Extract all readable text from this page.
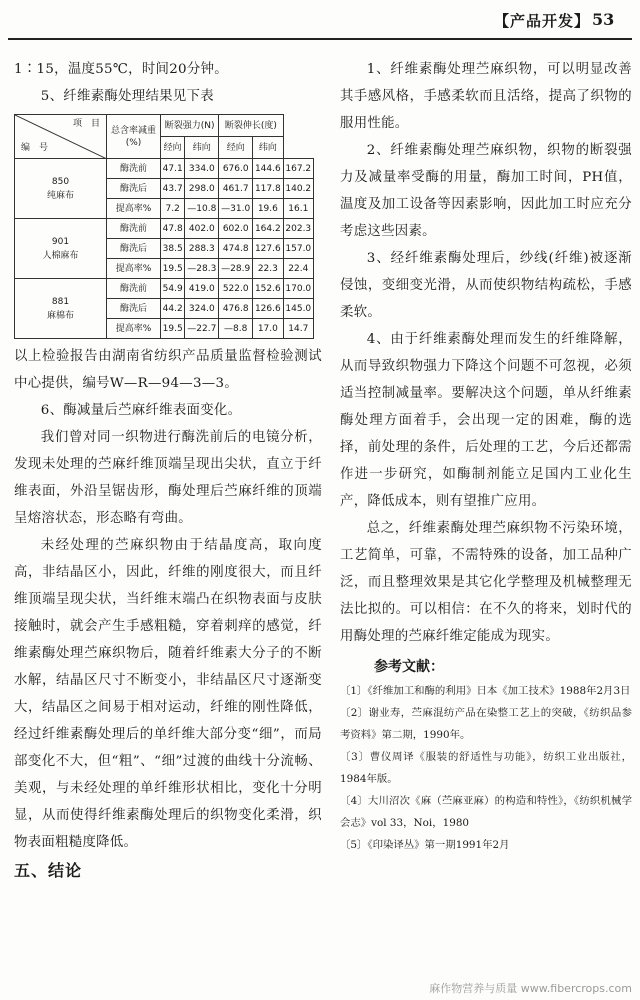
【产品开发】 53

1∶15，温度55℃，时间20分钟。

5、纤维素酶处理结果见下表

项　目
编　号	总含率减重
(%)	断裂强力(N)		断裂伸长(度)		
		经向	纬向	经向	纬向	
850
纯麻布	酶洗前	47.1	334.0	676.0	144.6	167.2
	酶洗后	43.7	298.0	461.7	117.8	140.2
	提高率%	7.2	—10.8	—31.0	19.6	16.1
901
人棉麻布	酶洗前	47.8	402.0	602.0	164.2	202.3
	酶洗后	38.5	288.3	474.8	127.6	157.0
	提高率%	19.5	—28.3	—28.9	22.3	22.4
881
麻棉布	酶洗前	54.9	419.0	522.0	152.6	170.0
	酶洗后	44.2	324.0	476.8	126.6	145.0
	提高率%	19.5	—22.7	—8.8	17.0	14.7

以上检验报告由湖南省纺织产品质量监督检验测试中心提供，编号W—R—94—3—3。

6、酶减量后苎麻纤维表面变化。

我们曾对同一织物进行酶洗前后的电镜分析，发现未处理的苎麻纤维顶端呈现出尖状，直立于纤维表面，外沿呈锯齿形，酶处理后苎麻纤维的顶端呈熔溶状态，形态略有弯曲。

未经处理的苎麻织物由于结晶度高，取向度高，非结晶区小，因此，纤维的刚度很大，而且纤维顶端呈现尖状，当纤维末端凸在织物表面与皮肤接触时，就会产生手感粗糙，穿着刺痒的感觉，纤维素酶处理苎麻织物后，随着纤维素大分子的不断水解，结晶区尺寸不断变小，非结晶区尺寸逐渐变大，结晶区之间易于相对运动，纤维的刚性降低，经过纤维素酶处理后的单纤维大部分变“细”，而局部变化不大，但“粗”、“细”过渡的曲线十分流畅、美观，与未经处理的单纤维形状相比，变化十分明显，从而使得纤维素酶处理后的织物变化柔滑，织物表面粗糙度降低。

五、结论

1、纤维素酶处理苎麻织物，可以明显改善其手感风格，手感柔软而且活络，提高了织物的服用性能。

2、纤维素酶处理苎麻织物，织物的断裂强力及减量率受酶的用量，酶加工时间，PH值，温度及加工设备等因素影响，因此加工时应充分考虑这些因素。

3、经纤维素酶处理后，纱线(纤维)被逐渐侵蚀，变细变光滑，从而使织物结构疏松，手感柔软。

4、由于纤维素酶处理而发生的纤维降解，从而导致织物强力下降这个问题不可忽视，必须适当控制减量率。要解决这个问题，单从纤维素酶处理方面着手，会出现一定的困难，酶的选择，前处理的条件，后处理的工艺，今后还都需作进一步研究，如酶制剂能立足国内工业化生产，降低成本，则有望推广应用。

总之，纤维素酶处理苎麻织物不污染环境，工艺简单，可靠，不需特殊的设备，加工品种广泛，而且整理效果是其它化学整理及机械整理无法比拟的。可以相信：在不久的将来，划时代的用酶处理的苎麻纤维定能成为现实。

参考文献：
〔1〕《纤维加工和酶的利用》日本《加工技术》1988年2月3日
〔2〕谢业寿，苎麻混纺产品在染整工艺上的突破，《纺织品参考资料》第二期，1990年。
〔3〕曹仪周译《服装的舒适性与功能》，纺织工业出版社，1984年版。
〔4〕大川沼次《麻（苎麻亚麻）的构造和特性》，《纺织机械学会志》vol 33，Noi，1980
〔5〕《印染译丛》第一期1991年2月
麻作物营养与质量 www.fibercrops.com
